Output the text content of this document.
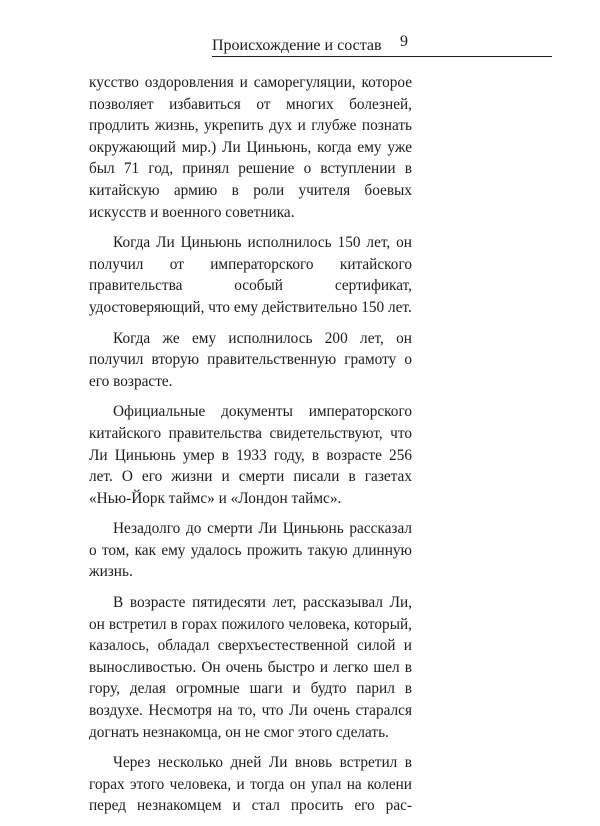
Происхождение и состав 9

кусство оздоровления и саморегуляции, которое позволяет избавиться от многих болезней, продлить жизнь, укрепить дух и глубже познать окружающий мир.) Ли Циньюнь, когда ему уже был 71 год, принял решение о вступлении в китайскую армию в роли учителя боевых искусств и военного советника.

Когда Ли Циньюнь исполнилось 150 лет, он получил от императорского китайского правительства особый сертификат, удостоверяющий, что ему действительно 150 лет.

Когда же ему исполнилось 200 лет, он получил вторую правительственную грамоту о его возрасте.

Официальные документы императорского китайского правительства свидетельствуют, что Ли Циньюнь умер в 1933 году, в возрасте 256 лет. О его жизни и смерти писали в газетах «Нью-Йорк таймс» и «Лондон таймс».

Незадолго до смерти Ли Циньюнь рассказал о том, как ему удалось прожить такую длинную жизнь.

В возрасте пятидесяти лет, рассказывал Ли, он встретил в горах пожилого человека, который, казалось, обладал сверхъестественной силой и выносливостью. Он очень быстро и легко шел в гору, делая огромные шаги и будто парил в воздухе. Несмотря на то, что Ли очень старался догнать незнакомца, он не смог этого сделать.

Через несколько дней Ли вновь встретил в горах этого человека, и тогда он упал на колени перед незнакомцем и стал просить его рас-
